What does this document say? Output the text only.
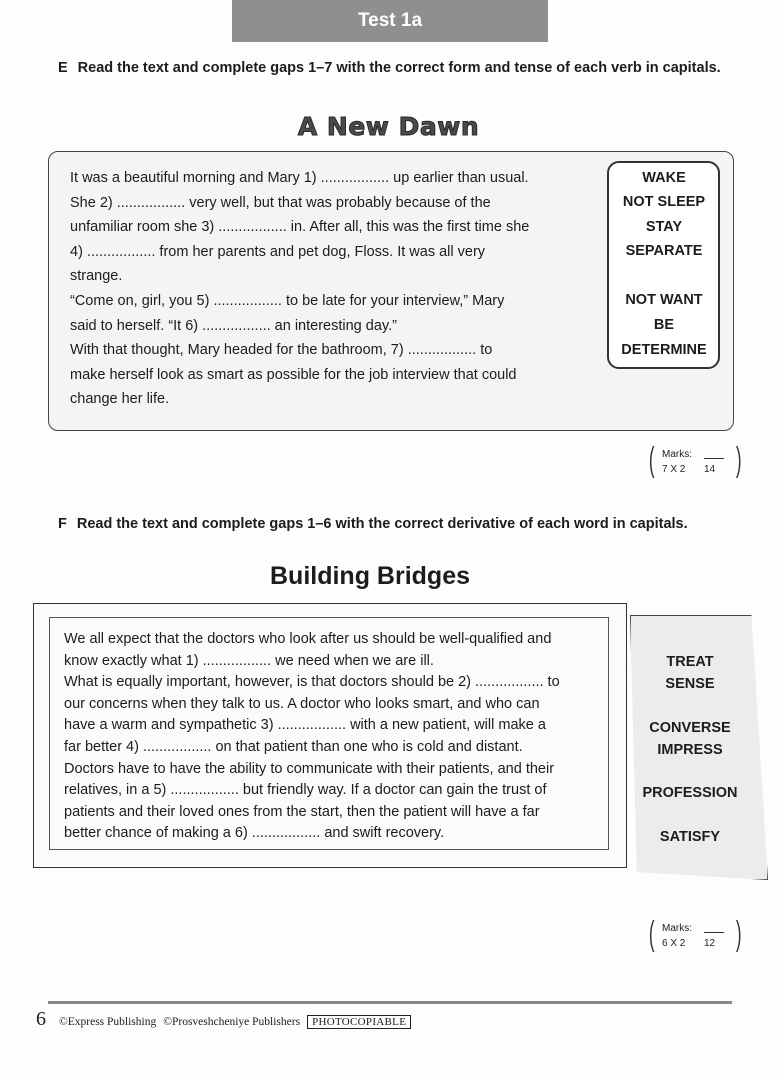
Test 1a
E Read the text and complete gaps 1–7 with the correct form and tense of each verb in capitals.
A New Dawn

It was a beautiful morning and Mary 1) ................. up earlier than usual.

She 2) ................. very well, but that was probably because of the

unfamiliar room she 3) ................. in. After all, this was the first time she

4) ................. from her parents and pet dog, Floss. It was all very

strange.

“Come on, girl, you 5) ................. to be late for your interview,” Mary

said to herself. “It 6) ................. an interesting day.”

With that thought, Mary headed for the bathroom, 7) ................. to

make herself look as smart as possible for the job interview that could

change her life.

WAKE
NOT SLEEP
STAY
SEPARATE
NOT WANT
BE
DETERMINE
( )
Marks:
7 X 2 14
F Read the text and complete gaps 1–6 with the correct derivative of each word in capitals.
Building Bridges

We all expect that the doctors who look after us should be well-qualified and

know exactly what 1) ................. we need when we are ill.

What is equally important, however, is that doctors should be 2) ................. to

our concerns when they talk to us. A doctor who looks smart, and who can

have a warm and sympathetic 3) ................. with a new patient, will make a

far better 4) ................. on that patient than one who is cold and distant.

Doctors have to have the ability to communicate with their patients, and their

relatives, in a 5) ................. but friendly way. If a doctor can gain the trust of

patients and their loved ones from the start, then the patient will have a far

better chance of making a 6) ................. and swift recovery.

TREAT
SENSE
CONVERSE
IMPRESS
PROFESSION
SATISFY
( )
Marks:
6 X 2 12
6 ©Express Publishing ©Prosveshcheniye Publishers	PHOTOCOPIABLE
